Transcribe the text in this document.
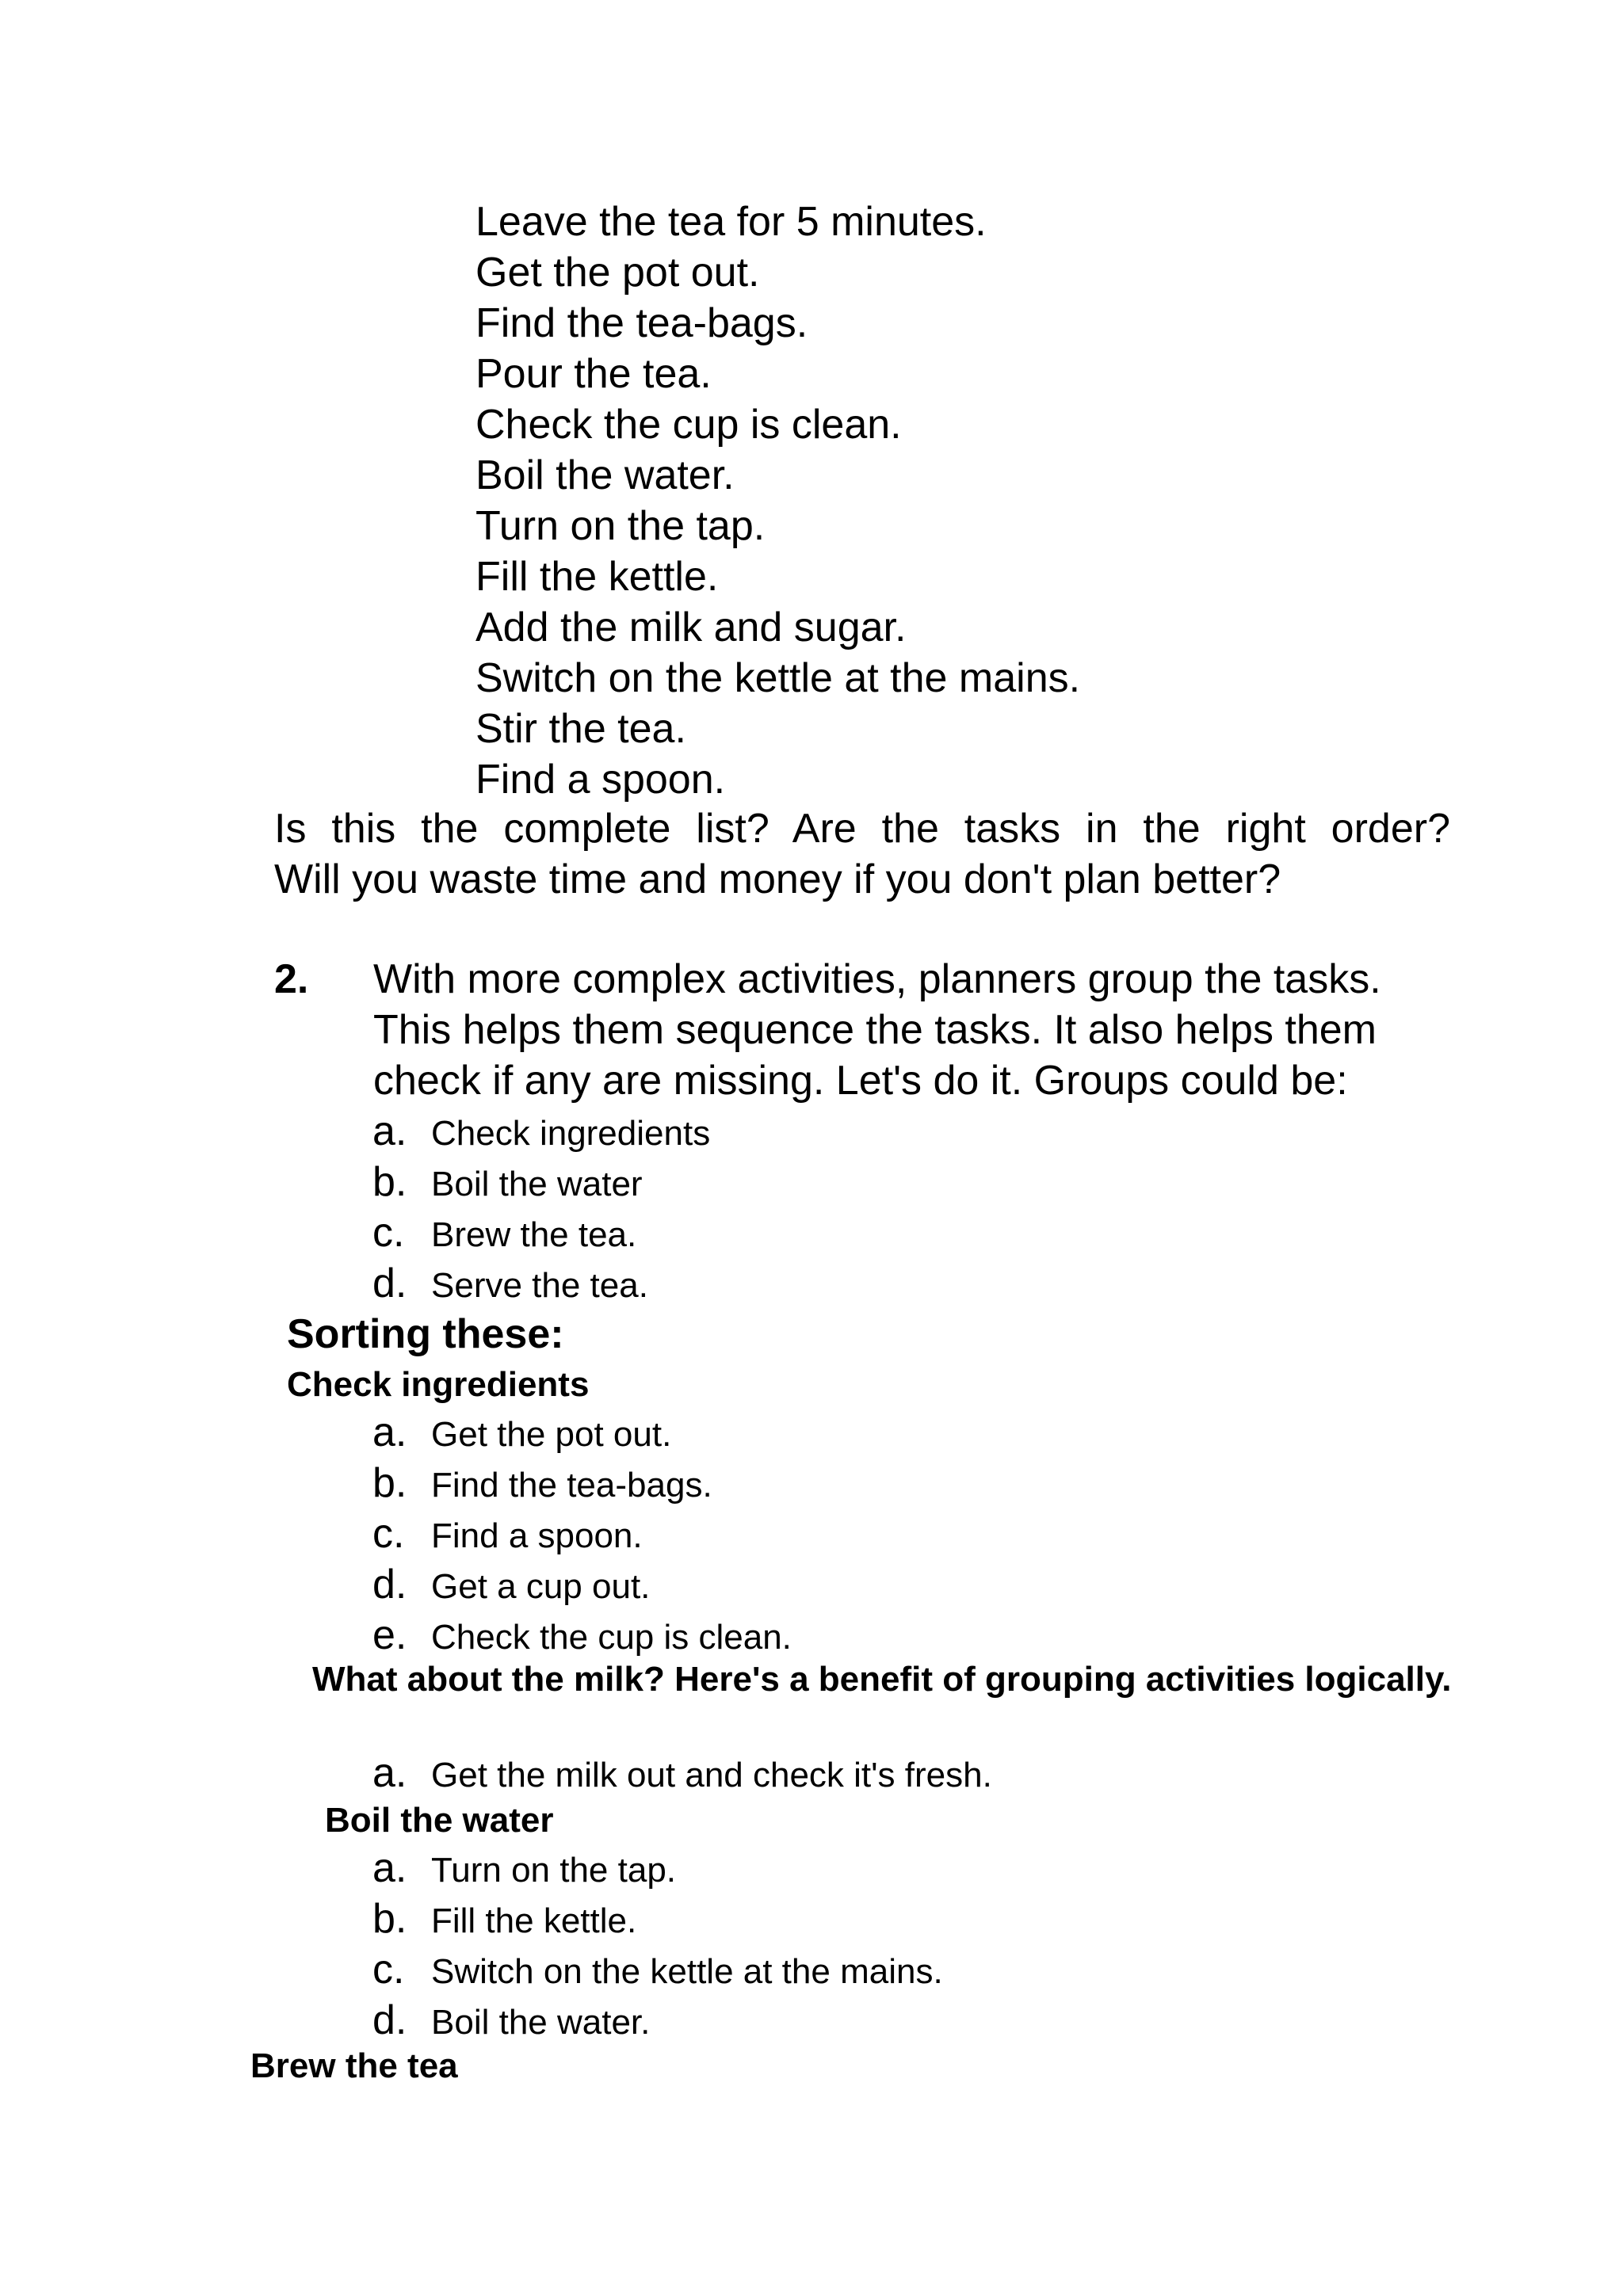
Leave the tea for 5 minutes.
Get the pot out.
Find the tea-bags.
Pour the tea.
Check the cup is clean.
Boil the water.
Turn on the tap.
Fill the kettle.
Add the milk and sugar.
Switch on the kettle at the mains.
Stir the tea.
Find a spoon.

Is this the complete list? Are the tasks in the right order?
Will you waste time and money if you don't plan better?

2. With more complex activities, planners group the tasks.
This helps them sequence the tasks. It also helps them
check if any are missing. Let's do it. Groups could be:

a. Check ingredients
b. Boil the water
c. Brew the tea.
d. Serve the tea.
Sorting these:
Check ingredients
a. Get the pot out.
b. Find the tea-bags.
c. Find a spoon.
d. Get a cup out.
e. Check the cup is clean.
What about the milk? Here's a benefit of grouping activities logically.
a. Get the milk out and check it's fresh.
Boil the water
a. Turn on the tap.
b. Fill the kettle.
c. Switch on the kettle at the mains.
d. Boil the water.
Brew the tea
